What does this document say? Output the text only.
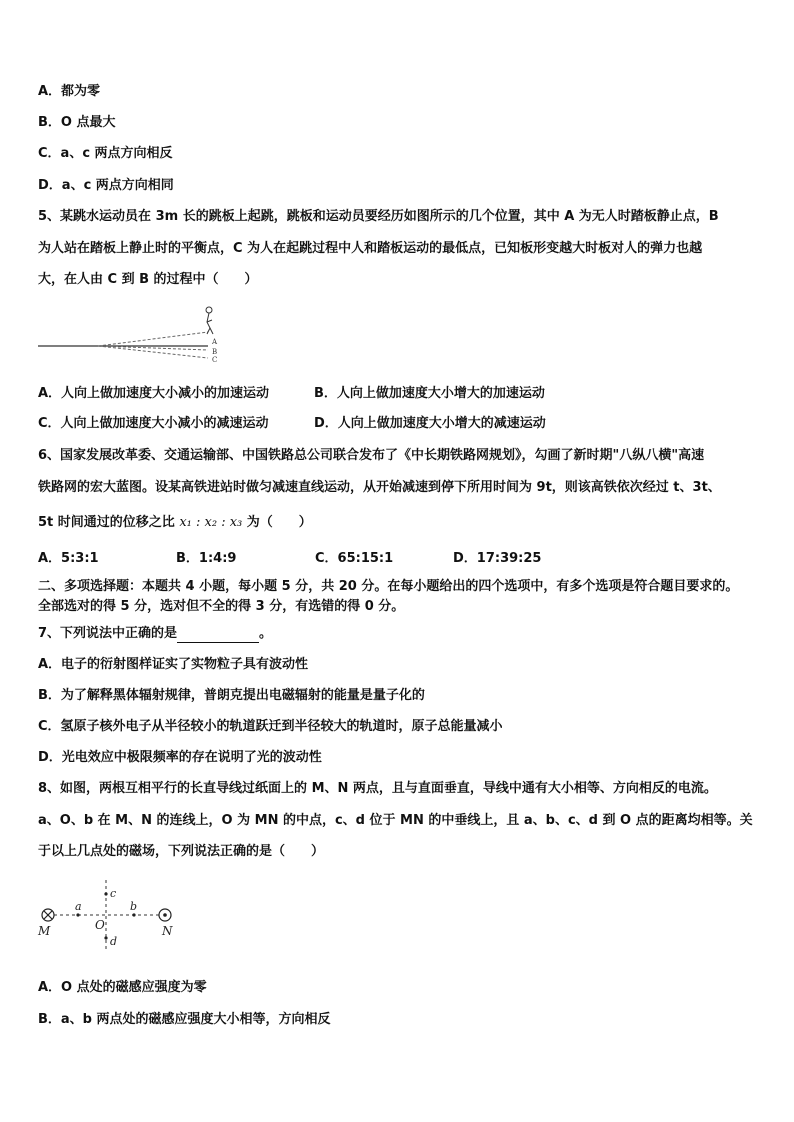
A．都为零
B．O 点最大
C．a、c 两点方向相反
D．a、c 两点方向相同
5、某跳水运动员在 3m 长的跳板上起跳，跳板和运动员要经历如图所示的几个位置，其中 A 为无人时踏板静止点，B
为人站在踏板上静止时的平衡点，C 为人在起跳过程中人和踏板运动的最低点，已知板形变越大时板对人的弹力也越
大，在人由 C 到 B 的过程中（　　）
A
B
C
A．人向上做加速度大小减小的加速运动	B．人向上做加速度大小增大的加速运动
C．人向上做加速度大小减小的减速运动	D．人向上做加速度大小增大的减速运动
6、国家发展改革委、交通运输部、中国铁路总公司联合发布了《中长期铁路网规划》，勾画了新时期"八纵八横"高速
铁路网的宏大蓝图。设某高铁进站时做匀减速直线运动，从开始减速到停下所用时间为 9t，则该高铁依次经过 t、3t、
5t 时间通过的位移之比 x₁ : x₂ : x₃ 为（　　）
A．5:3:1	B．1:4:9	C．65:15:1	D．17:39:25
二、多项选择题：本题共 4 小题，每小题 5 分，共 20 分。在每小题给出的四个选项中，有多个选项是符合题目要求的。
全部选对的得 5 分，选对但不全的得 3 分，有选错的得 0 分。
7、下列说法中正确的是	。
A．电子的衍射图样证实了实物粒子具有波动性
B．为了解释黑体辐射规律，普朗克提出电磁辐射的能量是量子化的
C．氢原子核外电子从半径较小的轨道跃迁到半径较大的轨道时，原子总能量减小
D．光电效应中极限频率的存在说明了光的波动性
8、如图，两根互相平行的长直导线过纸面上的 M、N 两点，且与直面垂直，导线中通有大小相等、方向相反的电流。
a、O、b 在 M、N 的连线上，O 为 MN 的中点，c、d 位于 MN 的中垂线上，且 a、b、c、d 到 O 点的距离均相等。关
于以上几点处的磁场，下列说法正确的是（　　）
M	N
O
a	b
c
d
A．O 点处的磁感应强度为零
B．a、b 两点处的磁感应强度大小相等，方向相反
